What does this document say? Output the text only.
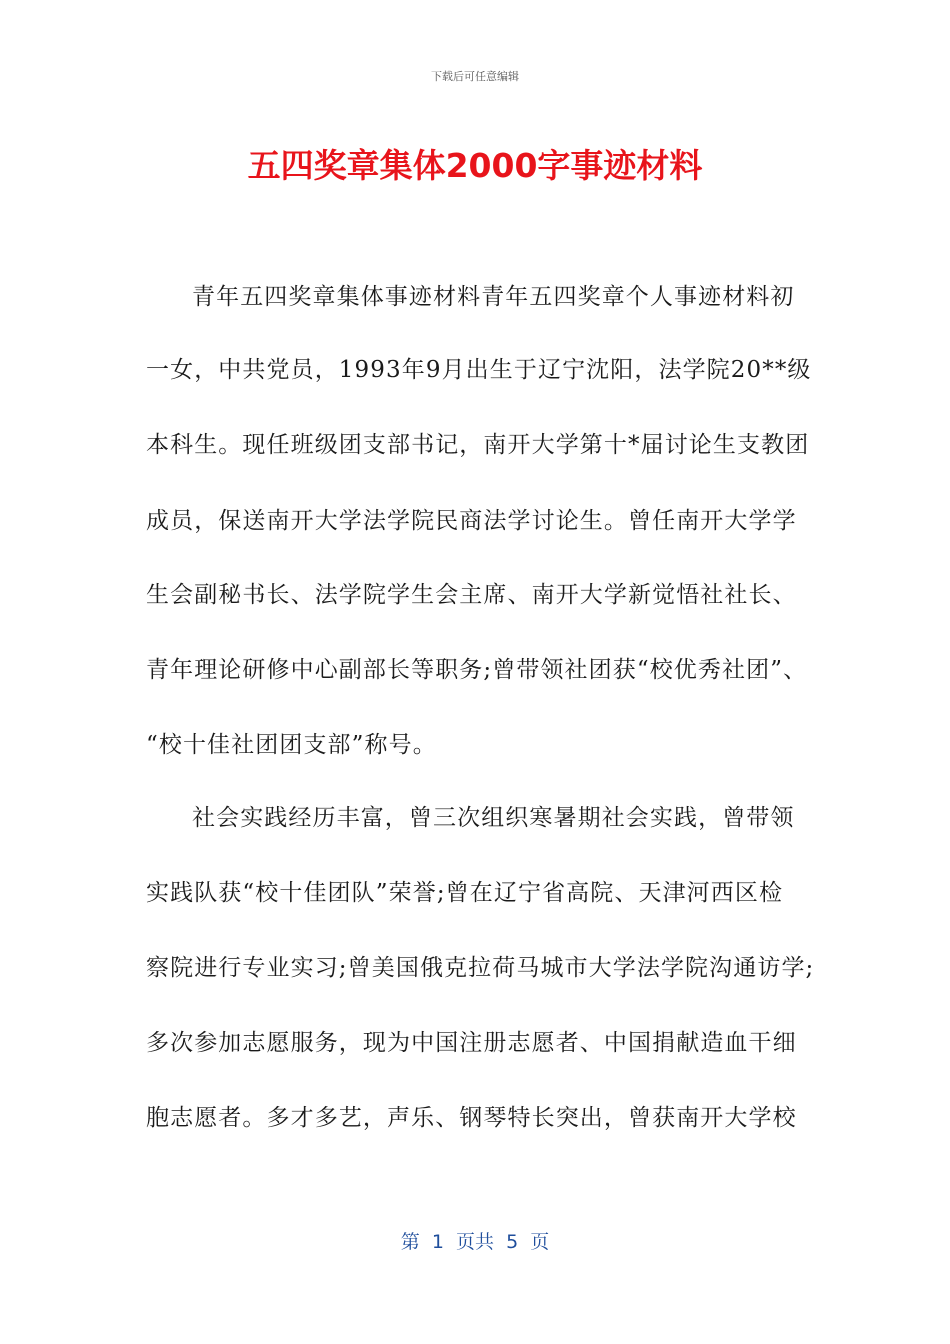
下载后可任意编辑
五四奖章集体2000字事迹材料
青年五四奖章集体事迹材料青年五四奖章个人事迹材料初
一女，中共党员，1993年9月出生于辽宁沈阳，法学院20**级
本科生。现任班级团支部书记，南开大学第十*届讨论生支教团
成员，保送南开大学法学院民商法学讨论生。曾任南开大学学
生会副秘书长、法学院学生会主席、南开大学新觉悟社社长、
青年理论研修中心副部长等职务;曾带领社团获“校优秀社团”、
“校十佳社团团支部”称号。
社会实践经历丰富，曾三次组织寒暑期社会实践，曾带领
实践队获“校十佳团队”荣誉;曾在辽宁省高院、天津河西区检
察院进行专业实习;曾美国俄克拉荷马城市大学法学院沟通访学;
多次参加志愿服务，现为中国注册志愿者、中国捐献造血干细
胞志愿者。多才多艺，声乐、钢琴特长突出，曾获南开大学校
第  1  页共  5  页
